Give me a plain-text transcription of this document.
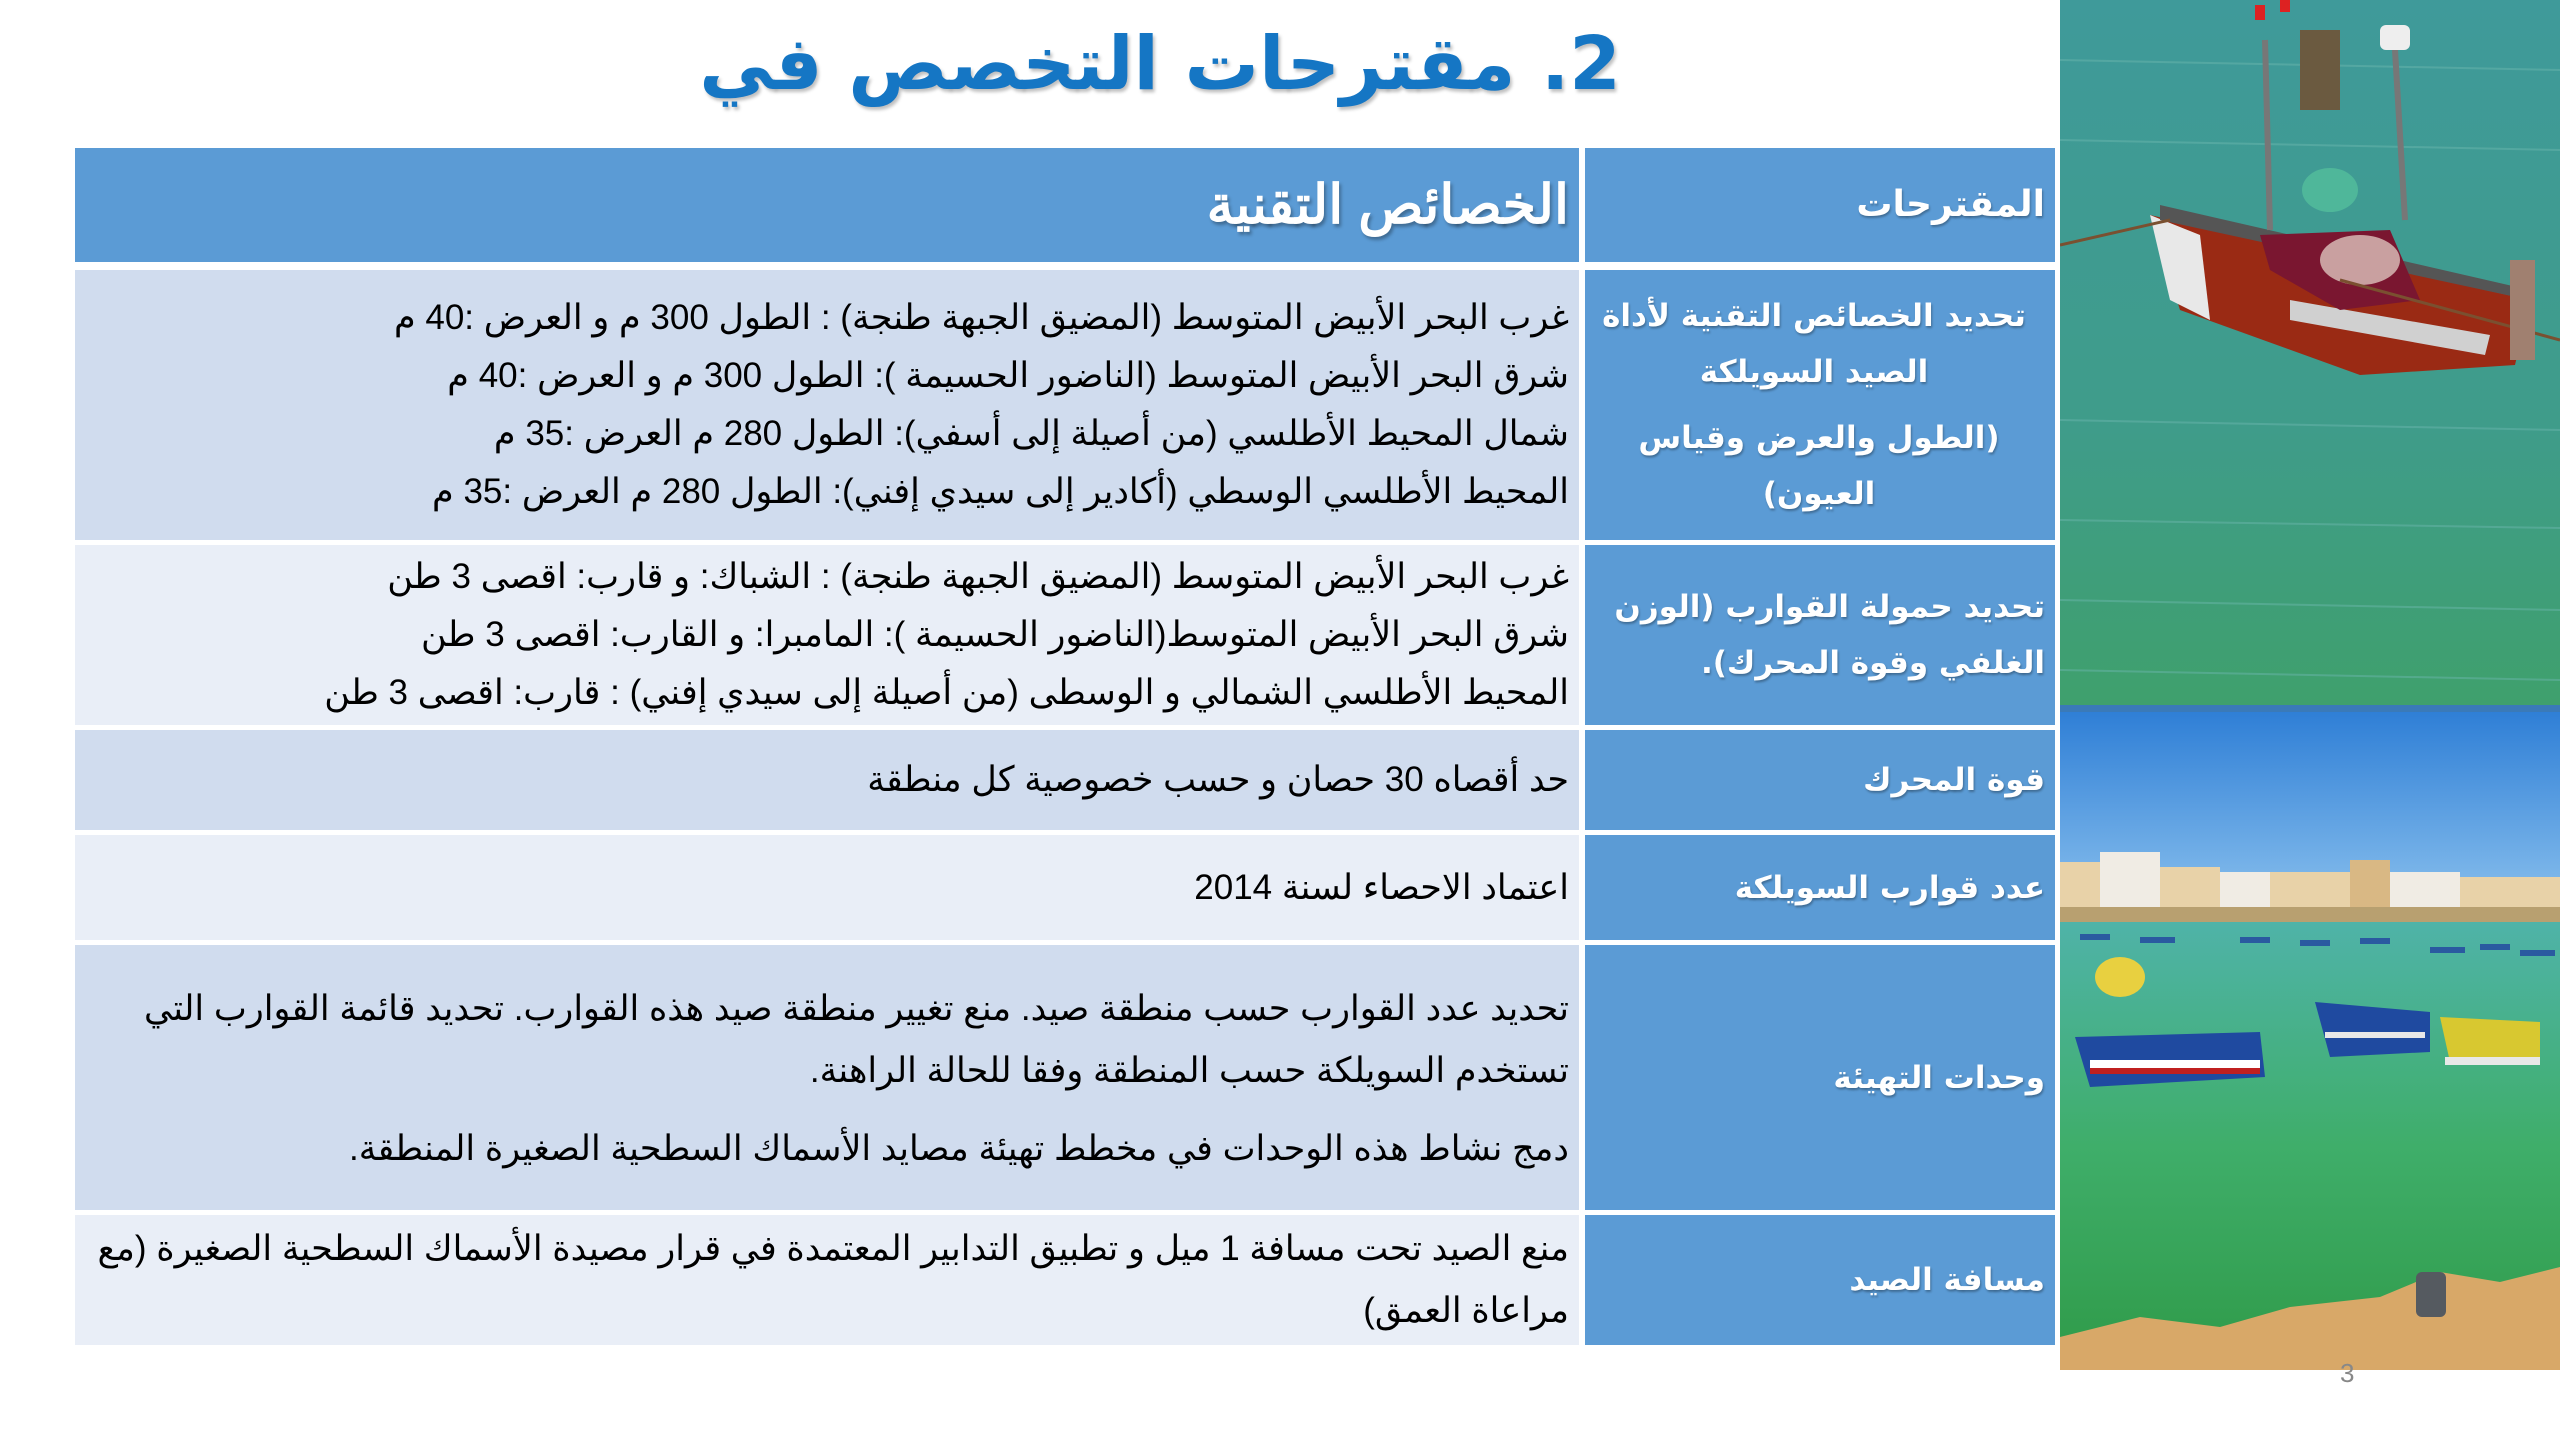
2. مقترحات التخصص في
المقترحات
الخصائص التقنية
تحديد الخصائص التقنية لأداة الصيد السويلكة
(الطول والعرض وقياس العيون)
غرب البحر الأبيض المتوسط (المضيق الجبهة طنجة) : الطول 300 م و العرض :40 م
شرق البحر الأبيض المتوسط (الناضور الحسيمة ): الطول 300 م و العرض :40 م
شمال المحيط الأطلسي (من أصيلة إلى أسفي): الطول 280 م العرض :35 م
المحيط الأطلسي الوسطي (أكادير إلى سيدي إفني): الطول 280 م العرض :35 م
تحديد حمولة القوارب (الوزن الغلفي وقوة المحرك).
غرب البحر الأبيض المتوسط (المضيق الجبهة طنجة) : الشباك: و قارب: اقصى 3 طن
شرق البحر الأبيض المتوسط(الناضور الحسيمة ): المامبرا: و القارب: اقصى 3 طن
المحيط الأطلسي الشمالي و الوسطى (من أصيلة إلى سيدي إفني) : قارب: اقصى 3 طن
قوة المحرك
حد أقصاه 30 حصان و حسب خصوصية كل منطقة
عدد قوارب السويلكة
اعتماد الاحصاء لسنة 2014
وحدات التهيئة
تحديد عدد القوارب حسب منطقة صيد. منع تغيير منطقة صيد هذه القوارب. تحديد قائمة القوارب التي تستخدم السويلكة حسب المنطقة وفقا للحالة الراهنة.
دمج نشاط هذه الوحدات في مخطط تهيئة مصايد الأسماك السطحية الصغيرة المنطقة.
مسافة الصيد
منع الصيد تحت مسافة 1 ميل و تطبيق التدابير المعتمدة في قرار مصيدة الأسماك السطحية الصغيرة (مع مراعاة العمق)
3
